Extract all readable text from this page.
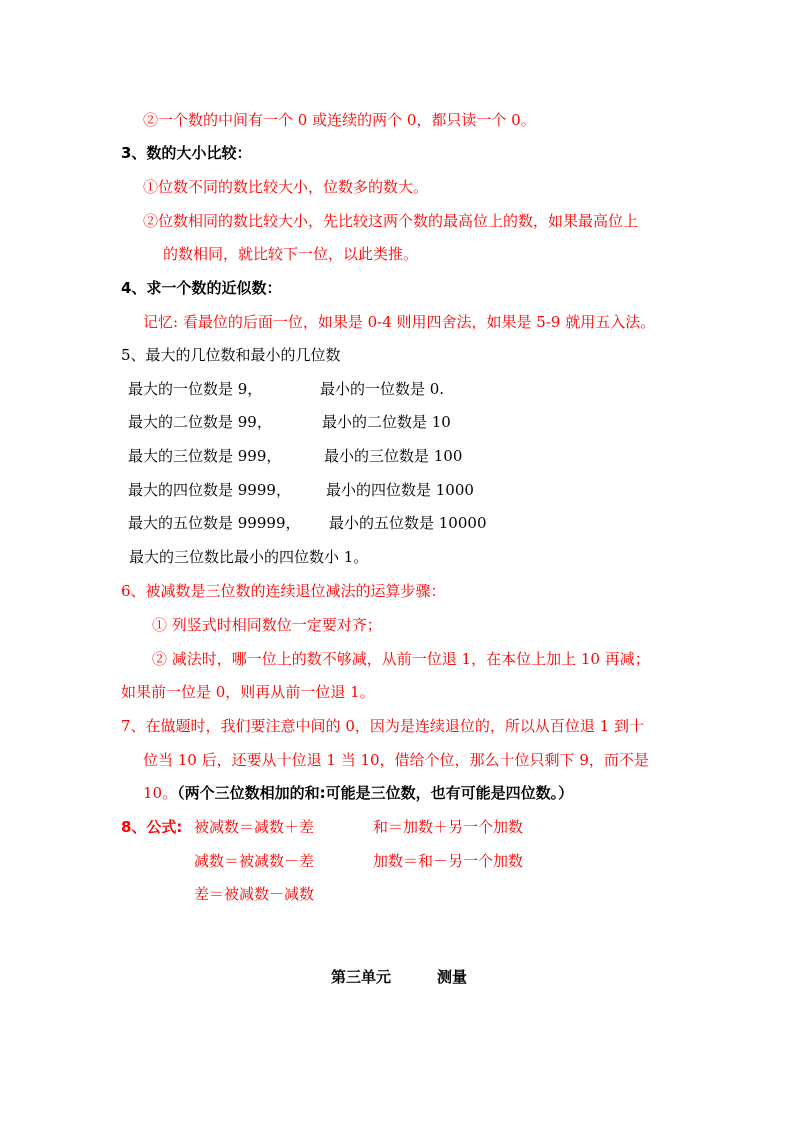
②一个数的中间有一个 0 或连续的两个 0，都只读一个 0。
3、数的大小比较：
①位数不同的数比较大小，位数多的数大。
②位数相同的数比较大小，先比较这两个数的最高位上的数，如果最高位上
的数相同，就比较下一位，以此类推。
4、求一个数的近似数：
记忆: 看最位的后面一位，如果是 0-4 则用四舍法，如果是 5-9 就用五入法。
5、最大的几位数和最小的几位数
最大的一位数是 9，	最小的一位数是 0.
最大的二位数是 99，	最小的二位数是 10
最大的三位数是 999，	最小的三位数是 100
最大的四位数是 9999， 最小的四位数是 1000
最大的五位数是 99999， 最小的五位数是 10000
最大的三位数比最小的四位数小 1。
6、被减数是三位数的连续退位减法的运算步骤：
① 列竖式时相同数位一定要对齐；
② 减法时，哪一位上的数不够减，从前一位退 1，在本位上加上 10 再减；
如果前一位是 0，则再从前一位退 1。
7、在做题时，我们要注意中间的 0，因为是连续退位的，所以从百位退 1 到十
位当 10 后，还要从十位退 1 当 10，借给个位，那么十位只剩下 9，而不是
10。（两个三位数相加的和:可能是三位数，也有可能是四位数。）
8、公式: 被减数＝减数＋差	和＝加数＋另一个加数
减数＝被减数－差	加数＝和－另一个加数
差＝被减数－减数
第三单元	测量
